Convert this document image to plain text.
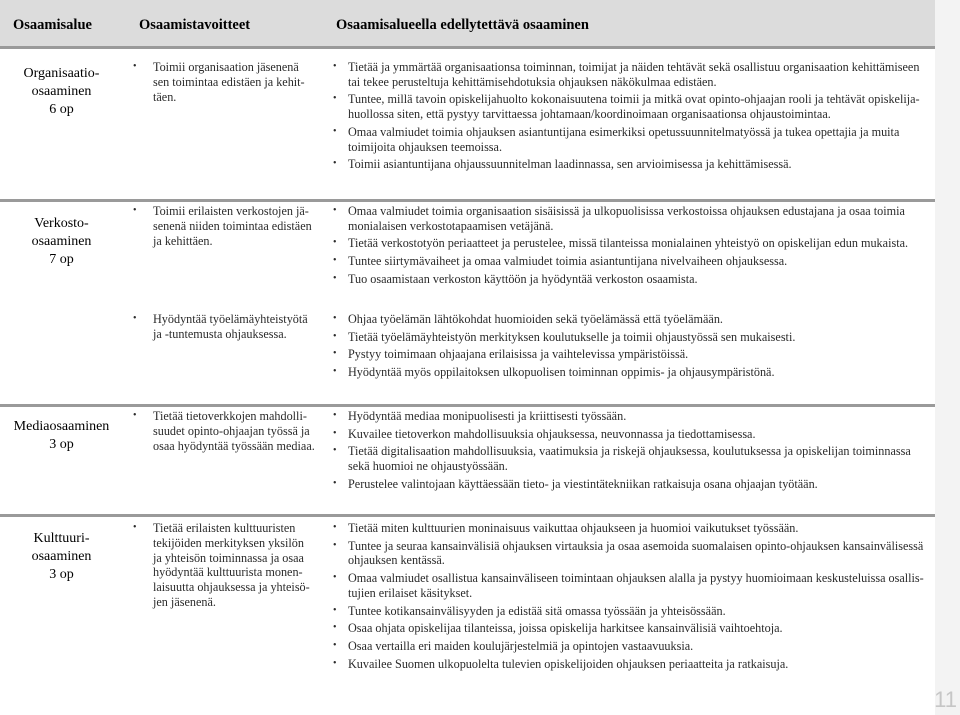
Osaamisalue	Osaamistavoitteet	Osaamisalueella edellytettävä osaaminen
Organisaatio-
osaaminen
6 op
• Toimii organisaation jäsenenä
sen toimintaa edistäen ja kehit-
täen.
• Tietää ja ymmärtää organisaationsa toiminnan, toimijat ja näiden tehtävät sekä osallistuu organisaation kehittämiseen tai tekee perusteltuja kehittämisehdotuksia ohjauksen näkökulmaa edistäen.
• Tuntee, millä tavoin opiskelijahuolto kokonaisuutena toimii ja mitkä ovat opinto-ohjaajan rooli ja tehtävät opiskelija-huollossa siten, että pystyy tarvittaessa johtamaan/koordinoimaan organisaationsa ohjaustoimintaa.
• Omaa valmiudet toimia ohjauksen asiantuntijana esimerkiksi opetussuunnitelmatyössä ja tukea opettajia ja muita toimijoita ohjauksen teemoissa.
• Toimii asiantuntijana ohjaussuunnitelman laadinnassa, sen arvioimisessa ja kehittämisessä.
Verkosto-
osaaminen
7 op
• Toimii erilaisten verkostojen jä-
senenä niiden toimintaa edistäen
ja kehittäen.
• Omaa valmiudet toimia organisaation sisäisissä ja ulkopuolisissa verkostoissa ohjauksen edustajana ja osaa toimia monialaisen verkostotapaamisen vetäjänä.
• Tietää verkostotyön periaatteet ja perustelee, missä tilanteissa monialainen yhteistyö on opiskelijan edun mukaista.
• Tuntee siirtymävaiheet ja omaa valmiudet toimia asiantuntijana nivelvaiheen ohjauksessa.
• Tuo osaamistaan verkoston käyttöön ja hyödyntää verkoston osaamista.
• Hyödyntää työelämäyhteistyötä
ja -tuntemusta ohjauksessa.
• Ohjaa työelämän lähtökohdat huomioiden sekä työelämässä että työelämään.
• Tietää työelämäyhteistyön merkityksen koulutukselle ja toimii ohjaustyössä sen mukaisesti.
• Pystyy toimimaan ohjaajana erilaisissa ja vaihtelevissa ympäristöissä.
• Hyödyntää myös oppilaitoksen ulkopuolisen toiminnan oppimis- ja ohjausympäristönä.
Mediaosaaminen
3 op
• Tietää tietoverkkojen mahdolli-
suudet opinto-ohjaajan työssä ja
osaa hyödyntää työssään mediaa.
• Hyödyntää mediaa monipuolisesti ja kriittisesti työssään.
• Kuvailee tietoverkon mahdollisuuksia ohjauksessa, neuvonnassa ja tiedottamisessa.
• Tietää digitalisaation mahdollisuuksia, vaatimuksia ja riskejä ohjauksessa, koulutuksessa ja opiskelijan toiminnassa sekä huomioi ne ohjaustyössään.
• Perustelee valintojaan käyttäessään tieto- ja viestintätekniikan ratkaisuja osana ohjaajan työtään.
Kulttuuri-
osaaminen
3 op
• Tietää erilaisten kulttuuristen
tekijöiden merkityksen yksilön
ja yhteisön toiminnassa ja osaa
hyödyntää kulttuurista monen-
laisuutta ohjauksessa ja yhteisö-
jen jäsenenä.
• Tietää miten kulttuurien moninaisuus vaikuttaa ohjaukseen ja huomioi vaikutukset työssään.
• Tuntee ja seuraa kansainvälisiä ohjauksen virtauksia ja osaa asemoida suomalaisen opinto-ohjauksen kansainvälisessä ohjauksen kentässä.
• Omaa valmiudet osallistua kansainväliseen toimintaan ohjauksen alalla ja pystyy huomioimaan keskusteluissa osallis-tujien erilaiset käsitykset.
• Tuntee kotikansainvälisyyden ja edistää sitä omassa työssään ja yhteisössään.
• Osaa ohjata opiskelijaa tilanteissa, joissa opiskelija harkitsee kansainvälisiä vaihtoehtoja.
• Osaa vertailla eri maiden koulujärjestelmiä ja opintojen vastaavuuksia.
• Kuvailee Suomen ulkopuolelta tulevien opiskelijoiden ohjauksen periaatteita ja ratkaisuja.
11
